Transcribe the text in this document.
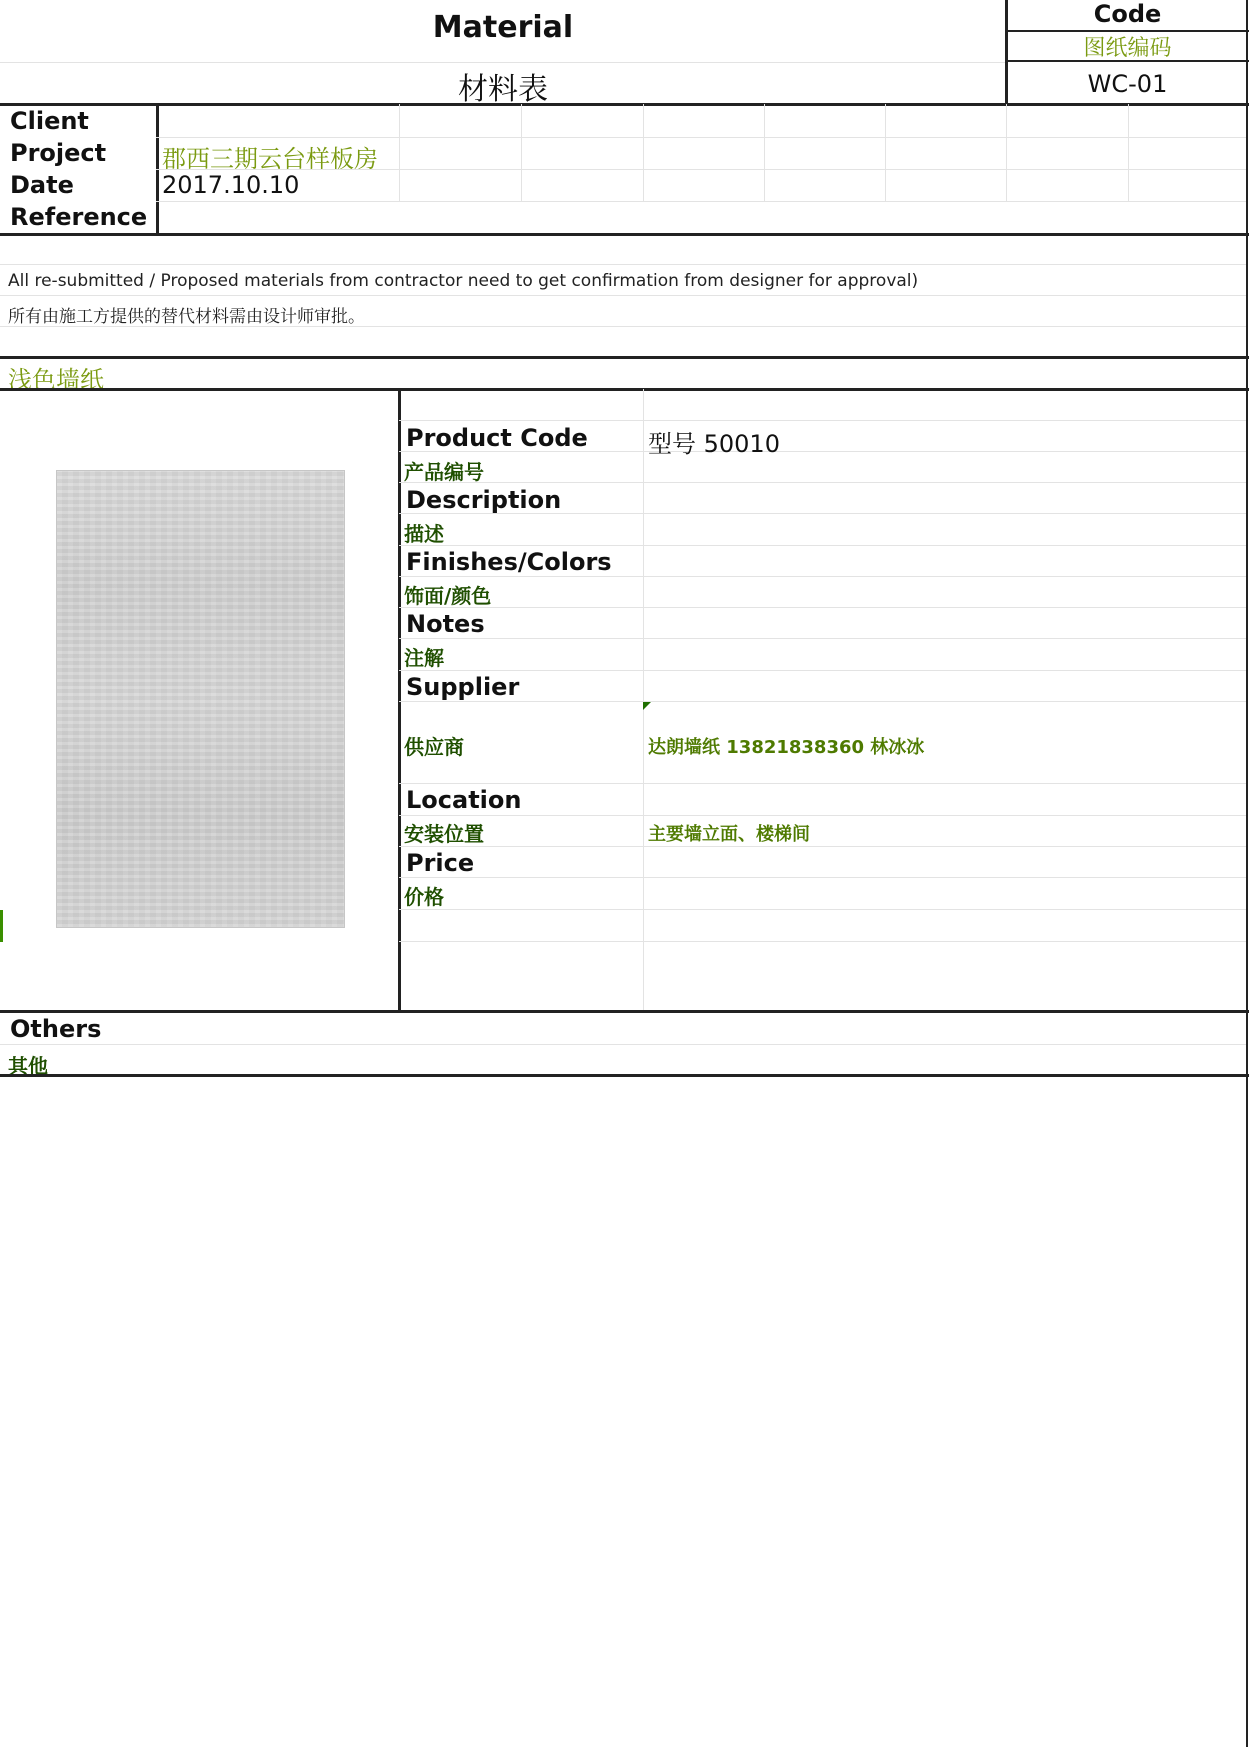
Material
材料表
Code
图纸编码
WC-01
Client
Project 郡西三期云台样板房
Date	2017.10.10
Reference
All re-submitted / Proposed materials from contractor need to get confirmation from designer for approval)
所有由施工方提供的替代材料需由设计师审批。
浅色墙纸
Product Code	型号 50010
产品编号
Description
描述
Finishes/Colors
饰面/颜色
Notes
注解
Supplier
供应商	达朗墙纸 13821838360 林冰冰
Location
安装位置	主要墙立面、楼梯间
Price
价格
Others
其他
